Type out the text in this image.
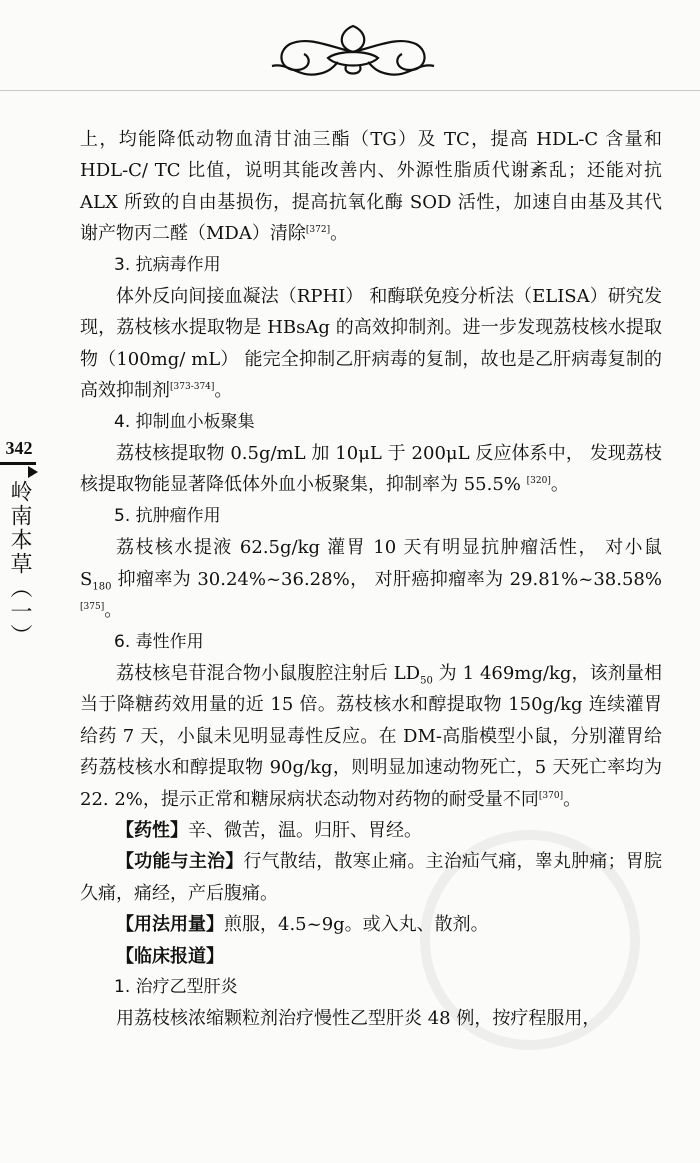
342
岭南本草（一）

上，均能降低动物血清甘油三酯（TG）及 TC，提高 HDL-C 含量和 HDL-C/ TC 比值，说明其能改善内、外源性脂质代谢紊乱；还能对抗 ALX 所致的自由基损伤，提高抗氧化酶 SOD 活性，加速自由基及其代谢产物丙二醛（MDA）清除[372]。

3. 抗病毒作用

体外反向间接血凝法（RPHI） 和酶联免疫分析法（ELISA）研究发现，荔枝核水提取物是 HBsAg 的高效抑制剂。进一步发现荔枝核水提取物（100mg/ mL） 能完全抑制乙肝病毒的复制，故也是乙肝病毒复制的高效抑制剂[373-374]。

4. 抑制血小板聚集

荔枝核提取物 0.5g/mL 加 10μL 于 200μL 反应体系中， 发现荔枝核提取物能显著降低体外血小板聚集，抑制率为 55.5% [320]。

5. 抗肿瘤作用

荔枝核水提液 62.5g/kg 灌胃 10 天有明显抗肿瘤活性， 对小鼠 $S_{180}$ 抑瘤率为 30.24%~36.28%， 对肝癌抑瘤率为 29.81%~38.58% [375]。

6. 毒性作用

荔枝核皂苷混合物小鼠腹腔注射后 $LD_{50}$ 为 1 469mg/kg，该剂量相当于降糖药效用量的近 15 倍。荔枝核水和醇提取物 150g/kg 连续灌胃给药 7 天，小鼠未见明显毒性反应。在 DM-高脂模型小鼠，分别灌胃给药荔枝核水和醇提取物 90g/kg，则明显加速动物死亡，5 天死亡率均为 22. 2%，提示正常和糖尿病状态动物对药物的耐受量不同[370]。

【药性】辛、微苦，温。归肝、胃经。

【功能与主治】行气散结，散寒止痛。主治疝气痛，睾丸肿痛；胃脘久痛，痛经，产后腹痛。

【用法用量】煎服，4.5~9g。或入丸、散剂。

【临床报道】

1. 治疗乙型肝炎

用荔枝核浓缩颗粒剂治疗慢性乙型肝炎 48 例，按疗程服用，
